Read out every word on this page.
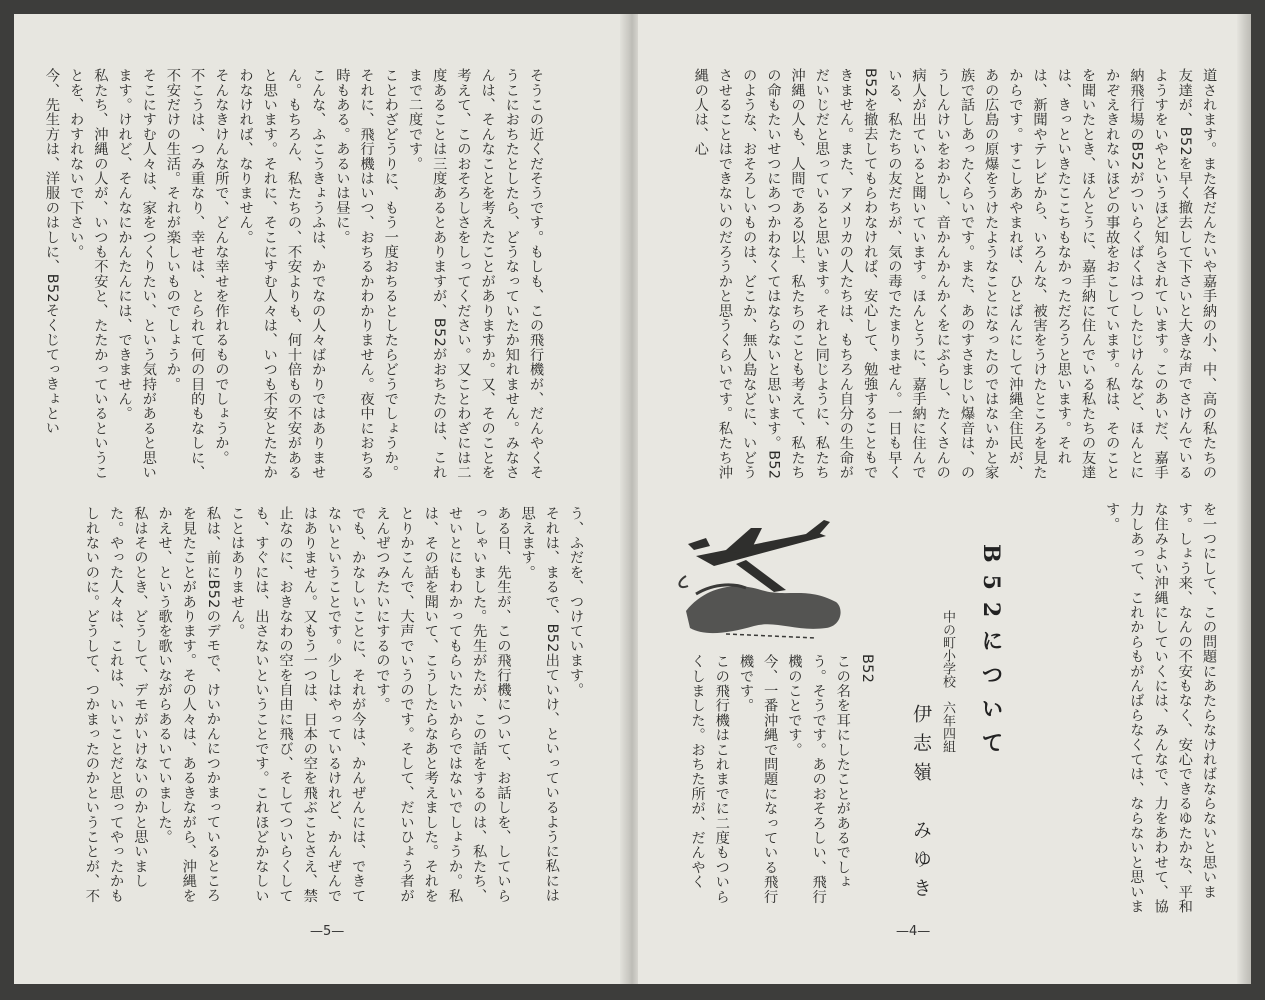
そうこの近くだそうです。もしも、この飛行機が、だんやくそうこにおちたとしたら、どうなっていたか知れません。みなさんは、そんなことを考えたことがありますか。又、そのことを考えて、このおそろしさをしってください。又ことわざには二度あることは三度あるとありますが、B52がおちたのは、これまで二度です。
ことわざどうりに、もう一度おちるとしたらどうでしょうか。
それに、飛行機はいつ、おちるかわかりません。夜中におちる時もある。あるいは昼に。
こんな、ふこうきょうふは、かでなの人々ばかりではありません。もちろん、私たちの、不安よりも、何十倍もの不安があると思います。それに、そこにすむ人々は、いつも不安とたたかわなければ、なりません。
そんなきけんな所で、どんな幸せを作れるものでしょうか。
不こうは、つみ重なり、幸せは、とられて何の目的もなしに、不安だけの生活。それが楽しいものでしょうか。
そこにすむ人々は、家をつくりたい、という気持があると思います。けれど、そんなにかんたんには、できません。
私たち、沖縄の人が、いつも不安と、たたかっているということを、わすれないで下さい。
今、先生方は、洋服のはしに、B52そくじてっきょとい
う、ふだを、つけています。
それは、まるで、B52出ていけ、といっているように私には思えます。
ある日、先生が、この飛行機について、お話しを、していらっしゃいました。先生がたが、この話をするのは、私たち、せいとにもわかってもらいたいからではないでしょうか。私は、その話を聞いて、こうしたらなあと考えました。それをとりかこんで、大声でいうのです。そして、だいひょう者がえんぜつみたいにするのです。
でも、かなしいことに、それが今は、かんぜんには、できてないということです。少しはやっているけれど、かんぜんではありません。又もう一つは、日本の空を飛ぶことさえ、禁止なのに、おきなわの空を自由に飛び、そしてついらくしても、すぐには、出さないということです。これほどかなしいことはありません。
私は、前にB52のデモで、けいかんにつかまっているところを見たことがあります。その人々は、あるきながら、沖縄をかえせ、という歌を歌いながらあるいていました。
私はそのとき、どうして、デモがいけないのかと思いました。やった人々は、これは、いいことだと思ってやったかもしれないのに。どうして、つかまったのかということが、不
—5—
道されます。また各だんたいや嘉手納の小、中、高の私たちの友達が、B52を早く撤去して下さいと大きな声でさけんでいるようすをいやというほど知らされています。このあいだ、嘉手納飛行場のB52がついらくばくはつしたじけんなど、ほんとにかぞえきれないほどの事故をおこしています。私は、そのことを聞いたとき、ほんとうに、嘉手納に住んでいる私たちの友達は、きっといきたここちもなかっただろうと思います。それは、新聞やテレビから、いろんな、被害をうけたところを見たからです。すこしあやまれば、ひとばんにして沖縄全住民が、あの広島の原爆をうけたようなことになったのではないかと家族で話しあったくらいです。また、あのすさまじい爆音は、のうしんけいをおかし、音かんかんかくをにぶらし、たくさんの病人が出ていると聞いています。ほんとうに、嘉手納に住んでいる、私たちの友だちが、気の毒でたまりません。一日も早くB52を撤去してもらわなければ、安心して、勉強することもできません。また、アメリカの人たちは、もちろん自分の生命がだいじだと思っていると思います。それと同じように、私たち沖縄の人も、人間である以上、私たちのことも考えて、私たちの命もたいせつにあつかわなくてはならないと思います。B52のような、おそろしいものは、どこか、無人島などに、いどうさせることはできないのだろうかと思うくらいです。私たち沖縄の人は、心
を一つにして、この問題にあたらなければならないと思います。しょう来、なんの不安もなく、安心できるゆたかな、平和な住みよい沖縄にしていくには、みんなで、力をあわせて、協力しあって、これからもがんばらなくては、ならないと思います。
B52について
中の町小学校　六年四組
伊志嶺　みゆき
B52
この名を耳にしたことがあるでしょう。そうです。あのおそろしい、飛行機のことです。
今、一番沖縄で問題になっている飛行機です。
この飛行機はこれまでに二度もついらくしました。おちた所が、だんやく
—4—
